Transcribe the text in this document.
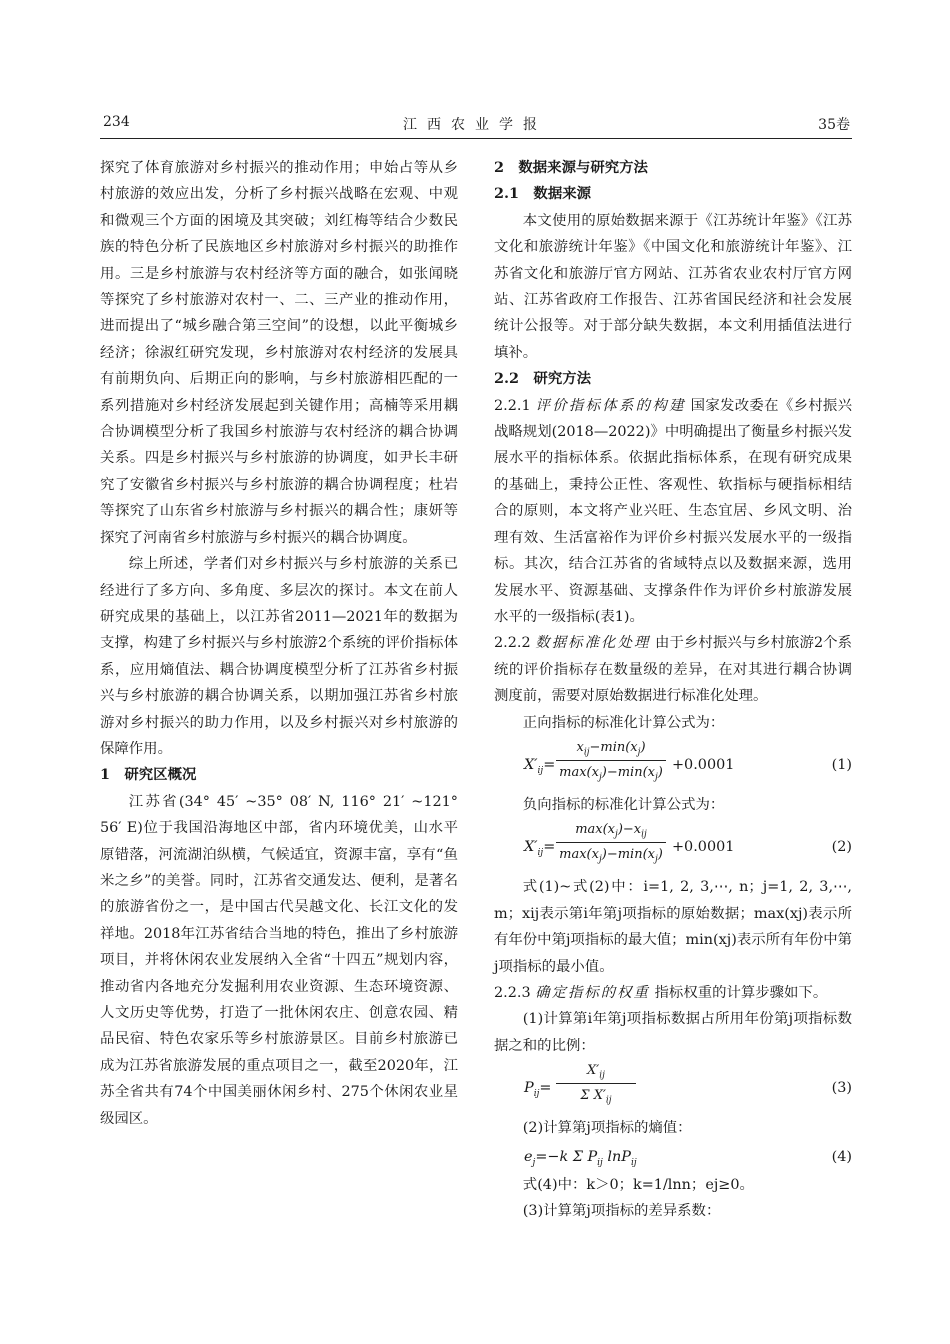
234	江西农业学报	35卷

探究了体育旅游对乡村振兴的推动作用；申始占等从乡村旅游的效应出发，分析了乡村振兴战略在宏观、中观和微观三个方面的困境及其突破；刘红梅等结合少数民族的特色分析了民族地区乡村旅游对乡村振兴的助推作用。三是乡村旅游与农村经济等方面的融合，如张闻晓等探究了乡村旅游对农村一、二、三产业的推动作用，进而提出了“城乡融合第三空间”的设想，以此平衡城乡经济；徐淑红研究发现，乡村旅游对农村经济的发展具有前期负向、后期正向的影响，与乡村旅游相匹配的一系列措施对乡村经济发展起到关键作用；高楠等采用耦合协调模型分析了我国乡村旅游与农村经济的耦合协调关系。四是乡村振兴与乡村旅游的协调度，如尹长丰研究了安徽省乡村振兴与乡村旅游的耦合协调程度；杜岩等探究了山东省乡村旅游与乡村振兴的耦合性；康妍等探究了河南省乡村旅游与乡村振兴的耦合协调度。

综上所述，学者们对乡村振兴与乡村旅游的关系已经进行了多方向、多角度、多层次的探讨。本文在前人研究成果的基础上，以江苏省2011—2021年的数据为支撑，构建了乡村振兴与乡村旅游2个系统的评价指标体系，应用熵值法、耦合协调度模型分析了江苏省乡村振兴与乡村旅游的耦合协调关系，以期加强江苏省乡村旅游对乡村振兴的助力作用，以及乡村振兴对乡村旅游的保障作用。

1　研究区概况

江苏省(34° 45′ ~35° 08′ N, 116° 21′ ~121° 56′ E)位于我国沿海地区中部，省内环境优美，山水平原错落，河流湖泊纵横，气候适宜，资源丰富，享有“鱼米之乡”的美誉。同时，江苏省交通发达、便利，是著名的旅游省份之一，是中国古代吴越文化、长江文化的发祥地。2018年江苏省结合当地的特色，推出了乡村旅游项目，并将休闲农业发展纳入全省“十四五”规划内容，推动省内各地充分发掘利用农业资源、生态环境资源、人文历史等优势，打造了一批休闲农庄、创意农园、精品民宿、特色农家乐等乡村旅游景区。目前乡村旅游已成为江苏省旅游发展的重点项目之一，截至2020年，江苏全省共有74个中国美丽休闲乡村、275个休闲农业星级园区。

2　数据来源与研究方法

2.1　数据来源

本文使用的原始数据来源于《江苏统计年鉴》《江苏文化和旅游统计年鉴》《中国文化和旅游统计年鉴》、江苏省文化和旅游厅官方网站、江苏省农业农村厅官方网站、江苏省政府工作报告、江苏省国民经济和社会发展统计公报等。对于部分缺失数据，本文利用插值法进行填补。

2.2　研究方法

2.2.1 评价指标体系的构建 国家发改委在《乡村振兴战略规划(2018—2022)》中明确提出了衡量乡村振兴发展水平的指标体系。依据此指标体系，在现有研究成果的基础上，秉持公正性、客观性、软指标与硬指标相结合的原则，本文将产业兴旺、生态宜居、乡风文明、治理有效、生活富裕作为评价乡村振兴发展水平的一级指标。其次，结合江苏省的省域特点以及数据来源，选用发展水平、资源基础、支撑条件作为评价乡村旅游发展水平的一级指标(表1)。

2.2.2 数据标准化处理 由于乡村振兴与乡村旅游2个系统的评价指标存在数量级的差异，在对其进行耦合协调测度前，需要对原始数据进行标准化处理。

正向指标的标准化计算公式为：

$X'_{ij}=$
$x_{ij}-\min(x_j)$
$\max(x_j)-\min(x_j) +0.0001$	(1)

负向指标的标准化计算公式为：

$X'_{ij}=$
$\max(x_j)-x_{ij}$
$\max(x_j)-\min(x_j) +0.0001$	(2)

式(1)~式(2)中：i=1, 2, 3,⋯, n；j=1, 2, 3,⋯, m；xij表示第i年第j项指标的原始数据；max(xj)表示所有年份中第j项指标的最大值；min(xj)表示所有年份中第j项指标的最小值。

2.2.3 确定指标的权重 指标权重的计算步骤如下。

(1)计算第i年第j项指标数据占所用年份第j项指标数据之和的比例：

$P_{ij}=$
$X'_{ij}$
Σ $X'_{ij}$
(3)

(2)计算第j项指标的熵值：

$e_j=-k$ Σ $P_{ij}$ lnP$_{ij}$	(4)

式(4)中：k＞0；k=1/lnn；ej≥0。

(3)计算第j项指标的差异系数：
